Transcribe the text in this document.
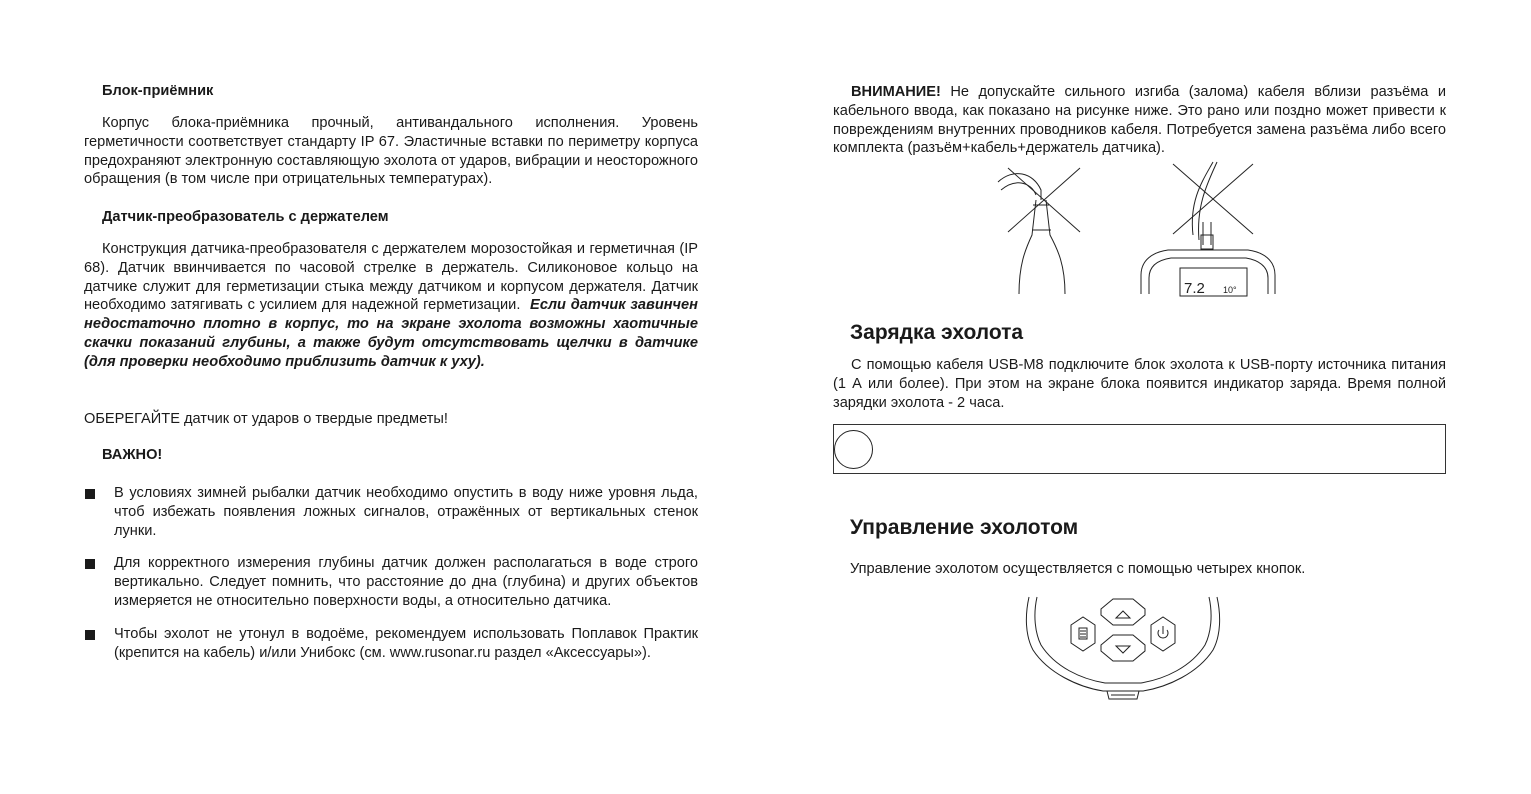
Блок-приёмник

Корпус блока-приёмника прочный, антивандального исполнения. Уровень герметичности соответствует стандарту IP 67. Эластичные вставки по периметру корпуса предохраняют электронную составляющую эхолота от ударов, вибрации и неосторожного обращения (в том числе при отрицательных температурах).

Датчик-преобразователь с держателем

Конструкция датчика-преобразователя с держателем морозостойкая и герметичная (IP 68). Датчик ввинчивается по часовой стрелке в держатель. Силиконовое кольцо на датчике служит для герметизации стыка между датчиком и корпусом держателя. Датчик необходимо затягивать с усилием для надежной герметизации. Если датчик завинчен недостаточно плотно в корпус, то на экране эхолота возможны хаотичные скачки показаний глубины, а также будут отсутствовать щелчки в датчике (для проверки необходимо приблизить датчик к уху).

ОБЕРЕГАЙТЕ датчик от ударов о твердые предметы!

ВАЖНО!
В условиях зимней рыбалки датчик необходимо опустить в воду ниже уровня льда, чтоб избежать появления ложных сигналов, отражённых от вертикальных стенок лунки.
Для корректного измерения глубины датчик должен располагаться в воде строго вертикально. Следует помнить, что расстояние до дна (глубина) и других объектов измеряется не относительно поверхности воды, а относительно датчика.
Чтобы эхолот не утонул в водоёме, рекомендуем использовать Поплавок Практик (крепится на кабель) и/или Унибокс (см. www.rusonar.ru раздел «Аксессуары»).

ВНИМАНИЕ! Не допускайте сильного изгиба (залома) кабеля вблизи разъёма и кабельного ввода, как показано на рисунке ниже. Это рано или поздно может привести к повреждениям внутренних проводников кабеля. Потребуется замена разъёма либо всего комплекта (разъём+кабель+держатель датчика).

7.2 10°
Зарядка эхолота

С помощью кабеля USB-M8 подключите блок эхолота к USB-порту источника питания (1 А или более). При этом на экране блока появится индикатор заряда. Время полной зарядки эхолота - 2 часа.

Управление эхолотом

Управление эхолотом осуществляется с помощью четырех кнопок.
